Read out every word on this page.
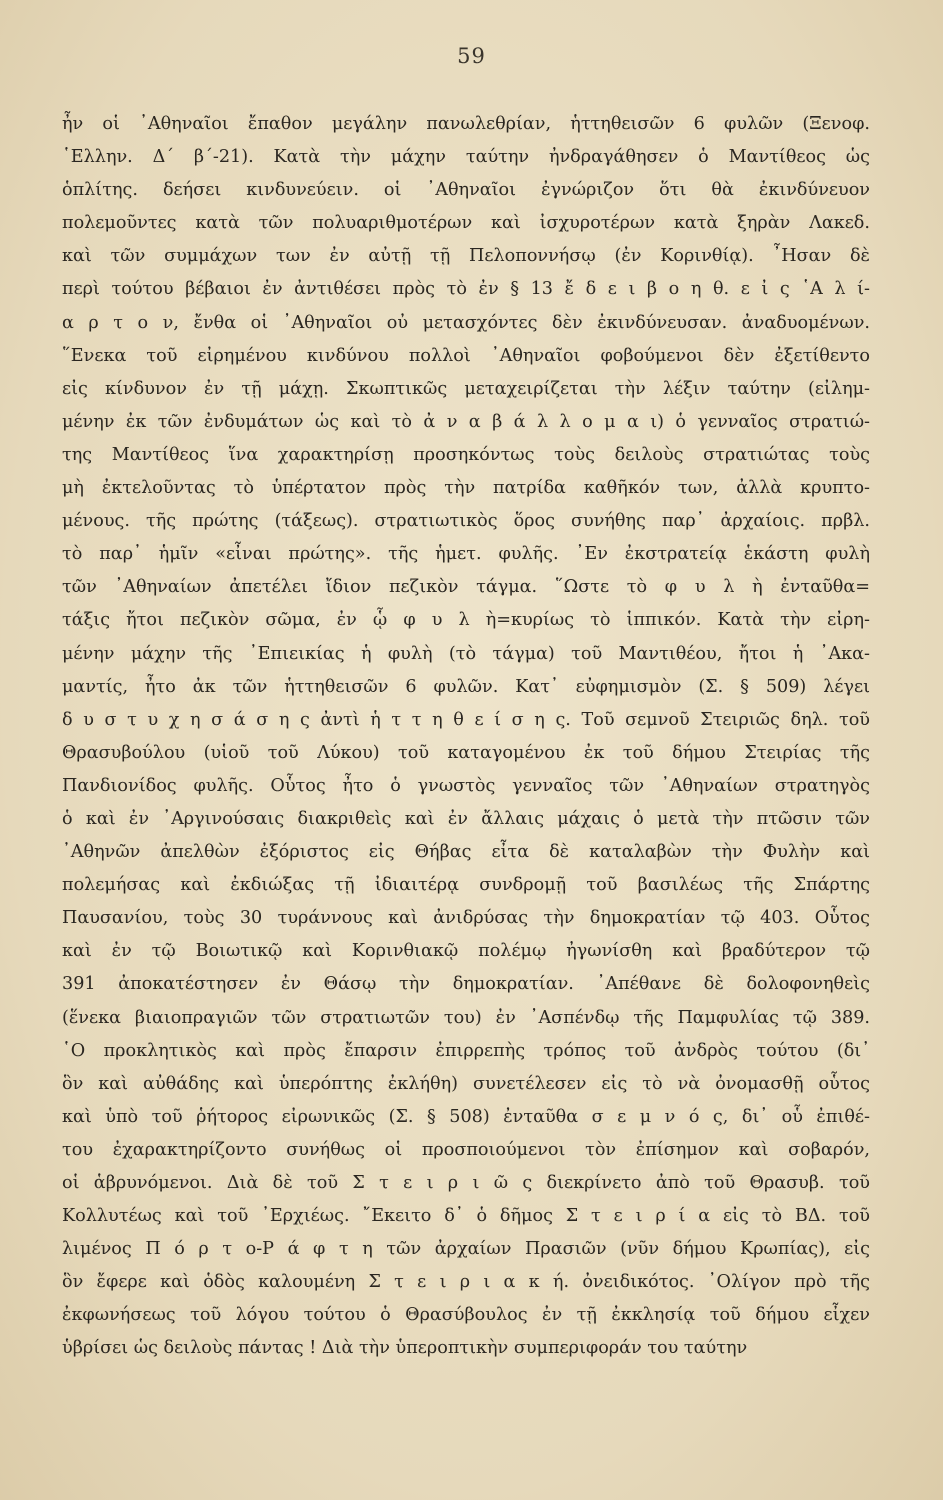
59
ἦν οἱ ᾿Αθηναῖοι ἔπαθον μεγάλην πανωλεθρίαν, ἡττηθεισῶν 6 φυλῶν (Ξενοφ.
῾Ελλην. Δ΄ β΄-21). Κατὰ τὴν μάχην ταύτην ἠνδραγάθησεν ὁ Μαντίθεος ὡς
ὁπλίτης. δεήσει κινδυνεύειν. οἱ ᾿Αθηναῖοι ἐγνώριζον ὅτι θὰ ἐκινδύνευον
πολεμοῦντες κατὰ τῶν πολυαριθμοτέρων καὶ ἰσχυροτέρων κατὰ ξηρὰν Λακεδ.
καὶ τῶν συμμάχων των ἐν αὐτῇ τῇ Πελοποννήσῳ (ἐν Κορινθίᾳ). ῏Ησαν δὲ
περὶ τούτου βέβαιοι ἐν ἀντιθέσει πρὸς τὸ ἐν § 13 ἔ δ ε ι β ο η θ. ε ἰ ς ῾Α λ ί-
α ρ τ ο ν, ἔνθα οἱ ᾿Αθηναῖοι οὐ μετασχόντες δὲν ἐκινδύνευσαν. ἀναδυομένων.
῞Ενεκα τοῦ εἰρημένου κινδύνου πολλοὶ ᾿Αθηναῖοι φοβούμενοι δὲν ἐξετίθεντο
εἰς κίνδυνον ἐν τῇ μάχῃ. Σκωπτικῶς μεταχειρίζεται τὴν λέξιν ταύτην (εἰλημ-
μένην ἐκ τῶν ἐνδυμάτων ὡς καὶ τὸ ἀ ν α β ά λ λ ο μ α ι) ὁ γενναῖος στρατιώ-
της Μαντίθεος ἵνα χαρακτηρίσῃ προσηκόντως τοὺς δειλοὺς στρατιώτας τοὺς
μὴ ἐκτελοῦντας τὸ ὑπέρτατον πρὸς τὴν πατρίδα καθῆκόν των, ἀλλὰ κρυπτο-
μένους. τῆς πρώτης (τάξεως). στρατιωτικὸς ὅρος συνήθης παρ᾿ ἀρχαίοις. πρβλ.
τὸ παρ᾿ ἡμῖν «εἶναι πρώτης». τῆς ἡμετ. φυλῆς. ᾿Εν ἐκστρατείᾳ ἑκάστη φυλὴ
τῶν ᾿Αθηναίων ἀπετέλει ἴδιον πεζικὸν τάγμα. ῞Ωστε τὸ φ υ λ ὴ ἐνταῦθα=
τάξις ἤτοι πεζικὸν σῶμα, ἐν ᾧ φ υ λ ὴ=κυρίως τὸ ἱππικόν. Κατὰ τὴν εἰρη-
μένην μάχην τῆς ᾿Επιεικίας ἡ φυλὴ (τὸ τάγμα) τοῦ Μαντιθέου, ἤτοι ἡ ᾿Ακα-
μαντίς, ἦτο ἀκ τῶν ἡττηθεισῶν 6 φυλῶν. Κατ᾿ εὐφημισμὸν (Σ. § 509) λέγει
δ υ σ τ υ χ η σ ά σ η ς ἀντὶ ἡ τ τ η θ ε ί σ η ς. Τοῦ σεμνοῦ Στειριῶς δηλ. τοῦ
Θρασυβούλου (υἱοῦ τοῦ Λύκου) τοῦ καταγομένου ἐκ τοῦ δήμου Στειρίας τῆς
Πανδιονίδος φυλῆς. Οὗτος ἦτο ὁ γνωστὸς γενναῖος τῶν ᾿Αθηναίων στρατηγὸς
ὁ καὶ ἐν ᾿Αργινούσαις διακριθεὶς καὶ ἐν ἄλλαις μάχαις ὁ μετὰ τὴν πτῶσιν τῶν
᾿Αθηνῶν ἀπελθὼν ἐξόριστος εἰς Θήβας εἶτα δὲ καταλαβὼν τὴν Φυλὴν καὶ
πολεμήσας καὶ ἐκδιώξας τῇ ἰδιαιτέρᾳ συνδρομῇ τοῦ βασιλέως τῆς Σπάρτης
Παυσανίου, τοὺς 30 τυράννους καὶ ἀνιδρύσας τὴν δημοκρατίαν τῷ 403. Οὗτος
καὶ ἐν τῷ Βοιωτικῷ καὶ Κορινθιακῷ πολέμῳ ἠγωνίσθη καὶ βραδύτερον τῷ
391 ἀποκατέστησεν ἐν Θάσῳ τὴν δημοκρατίαν. ᾿Απέθανε δὲ δολοφονηθεὶς
(ἕνεκα βιαιοπραγιῶν τῶν στρατιωτῶν του) ἐν ᾿Ασπένδῳ τῆς Παμφυλίας τῷ 389.
῾Ο προκλητικὸς καὶ πρὸς ἔπαρσιν ἐπιρρεπὴς τρόπος τοῦ ἀνδρὸς τούτου (δι᾿
ὃν καὶ αὐθάδης καὶ ὑπερόπτης ἐκλήθη) συνετέλεσεν εἰς τὸ νὰ ὀνομασθῇ οὗτος
καὶ ὑπὸ τοῦ ῥήτορος εἰρωνικῶς (Σ. § 508) ἐνταῦθα σ ε μ ν ό ς, δι᾿ οὗ ἐπιθέ-
του ἐχαρακτηρίζοντο συνήθως οἱ προσποιούμενοι τὸν ἐπίσημον καὶ σοβαρόν,
οἱ ἁβρυνόμενοι. Διὰ δὲ τοῦ Σ τ ε ι ρ ι ῶ ς διεκρίνετο ἀπὸ τοῦ Θρασυβ. τοῦ
Κολλυτέως καὶ τοῦ ᾿Ερχιέως. ῎Εκειτο δ᾿ ὁ δῆμος Σ τ ε ι ρ ί α εἰς τὸ ΒΔ. τοῦ
λιμένος Π ό ρ τ ο-Ρ ά φ τ η τῶν ἀρχαίων Πρασιῶν (νῦν δήμου Κρωπίας), εἰς
ὃν ἔφερε καὶ ὁδὸς καλουμένη Σ τ ε ι ρ ι α κ ή. ὀνειδικότος. ᾿Ολίγον πρὸ τῆς
ἐκφωνήσεως τοῦ λόγου τούτου ὁ Θρασύβουλος ἐν τῇ ἐκκλησίᾳ τοῦ δήμου εἶχεν
ὑβρίσει ὡς δειλοὺς πάντας ! Διὰ τὴν ὑπεροπτικὴν συμπεριφοράν του ταύτην
